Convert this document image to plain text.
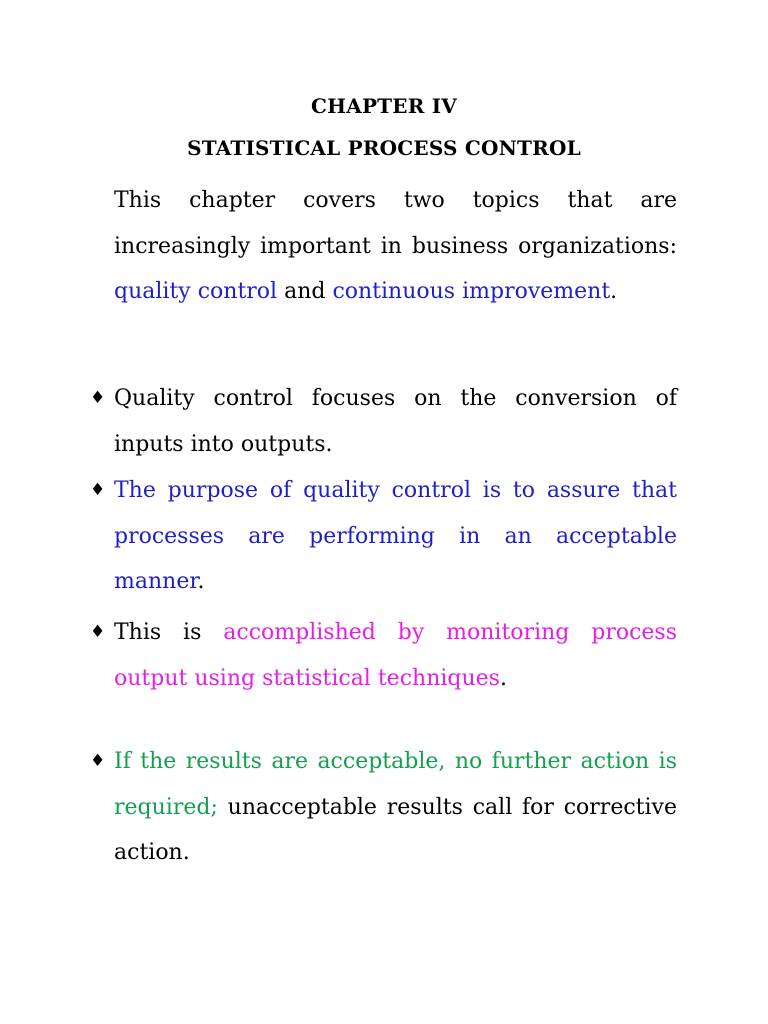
CHAPTER IV
STATISTICAL PROCESS CONTROL

This chapter covers two topics that are increasingly important in business organizations: quality control and continuous improvement.

♦ Quality control focuses on the conversion of inputs into outputs.

♦ The purpose of quality control is to assure that processes are performing in an acceptable manner.

♦ This is accomplished by monitoring process output using statistical techniques.

♦ If the results are acceptable, no further action is required; unacceptable results call for corrective action.
